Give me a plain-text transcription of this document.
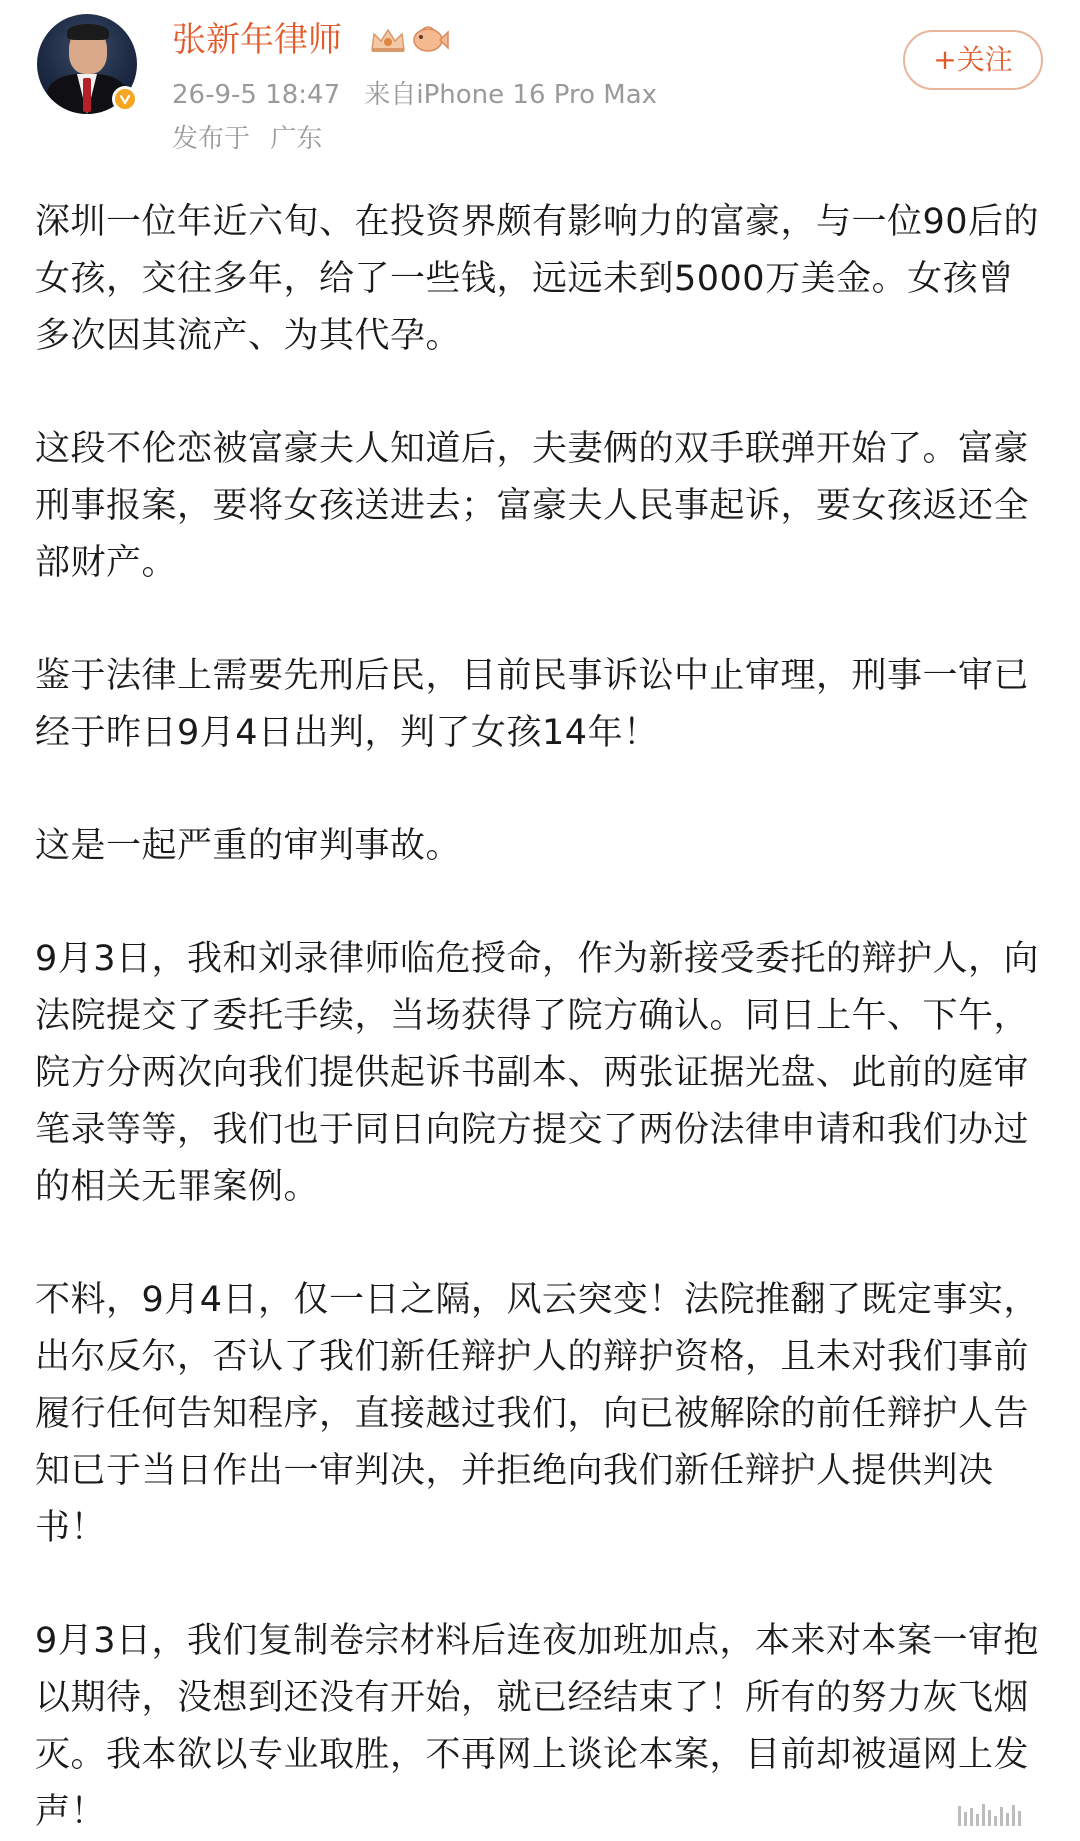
张新年律师
26-9-5 18:47 来自iPhone 16 Pro Max
发布于 广东
+关注

深圳一位年近六旬、在投资界颇有影响力的富豪，与一位90后的女孩，交往多年，给了一些钱，远远未到5000万美金。女孩曾多次因其流产、为其代孕。

这段不伦恋被富豪夫人知道后，夫妻俩的双手联弹开始了。富豪刑事报案，要将女孩送进去；富豪夫人民事起诉，要女孩返还全部财产。

鉴于法律上需要先刑后民，目前民事诉讼中止审理，刑事一审已经于昨日9月4日出判，判了女孩14年！

这是一起严重的审判事故。

9月3日，我和刘录律师临危授命，作为新接受委托的辩护人，向法院提交了委托手续，当场获得了院方确认。同日上午、下午，院方分两次向我们提供起诉书副本、两张证据光盘、此前的庭审笔录等等，我们也于同日向院方提交了两份法律申请和我们办过的相关无罪案例。

不料，9月4日，仅一日之隔，风云突变！法院推翻了既定事实，出尔反尔，否认了我们新任辩护人的辩护资格，且未对我们事前履行任何告知程序，直接越过我们，向已被解除的前任辩护人告知已于当日作出一审判决，并拒绝向我们新任辩护人提供判决书！

9月3日，我们复制卷宗材料后连夜加班加点，本来对本案一审抱以期待，没想到还没有开始，就已经结束了！所有的努力灰飞烟灭。我本欲以专业取胜，不再网上谈论本案，目前却被逼网上发声！
